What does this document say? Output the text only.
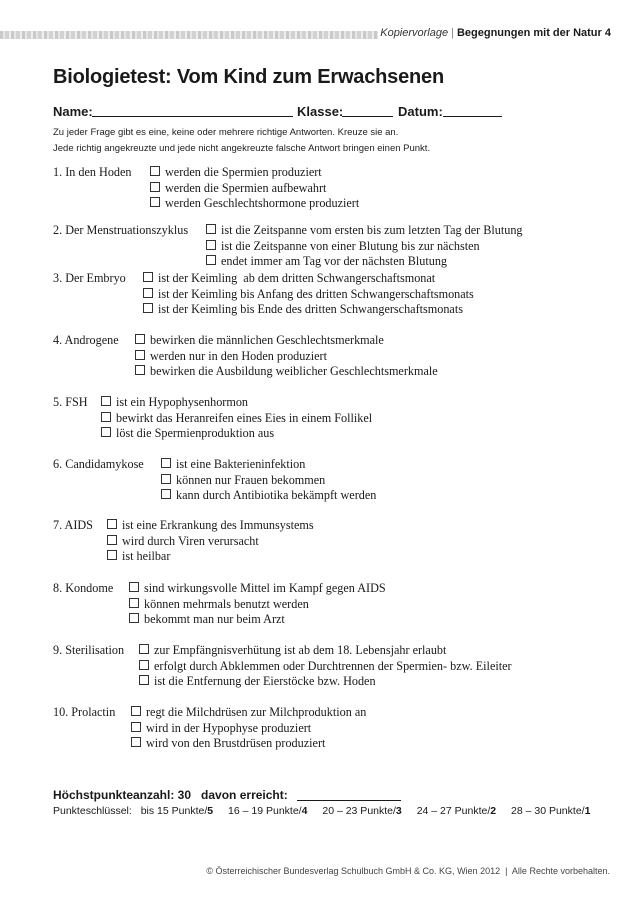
Kopiervorlage | Begegnungen mit der Natur 4
Biologietest: Vom Kind zum Erwachsenen
Name:	Klasse:	Datum:
Zu jeder Frage gibt es eine, keine oder mehrere richtige Antworten. Kreuze sie an.
Jede richtig angekreuzte und jede nicht angekreuzte falsche Antwort bringen einen Punkt.
1. In den Hoden	werden die Spermien produziert
werden die Spermien aufbewahrt
werden Geschlechtshormone produziert
2. Der Menstruationszyklus	ist die Zeitspanne vom ersten bis zum letzten Tag der Blutung
ist die Zeitspanne von einer Blutung bis zur nächsten
endet immer am Tag vor der nächsten Blutung
3. Der Embryo	ist der Keimling  ab dem dritten Schwangerschaftsmonat
ist der Keimling bis Anfang des dritten Schwangerschaftsmonats
ist der Keimling bis Ende des dritten Schwangerschaftsmonats
4. Androgene	bewirken die männlichen Geschlechtsmerkmale
werden nur in den Hoden produziert
bewirken die Ausbildung weiblicher Geschlechtsmerkmale
5. FSH	ist ein Hypophysenhormon
bewirkt das Heranreifen eines Eies in einem Follikel
löst die Spermienproduktion aus
6. Candidamykose	ist eine Bakterieninfektion
können nur Frauen bekommen
kann durch Antibiotika bekämpft werden
7. AIDS	ist eine Erkrankung des Immunsystems
wird durch Viren verursacht
ist heilbar
8. Kondome	sind wirkungsvolle Mittel im Kampf gegen AIDS
können mehrmals benutzt werden
bekommt man nur beim Arzt
9. Sterilisation	zur Empfängnisverhütung ist ab dem 18. Lebensjahr erlaubt
erfolgt durch Abklemmen oder Durchtrennen der Spermien- bzw. Eileiter
ist die Entfernung der Eierstöcke bzw. Hoden
10. Prolactin	regt die Milchdrüsen zur Milchproduktion an
wird in der Hypophyse produziert
wird von den Brustdrüsen produziert
Höchstpunkteanzahl: 30 davon erreicht:
Punkteschlüssel: bis 15 Punkte/5 16 – 19 Punkte/4 20 – 23 Punkte/3 24 – 27 Punkte/2 28 – 30 Punkte/1
© Österreichischer Bundesverlag Schulbuch GmbH & Co. KG, Wien 2012  |  Alle Rechte vorbehalten.
